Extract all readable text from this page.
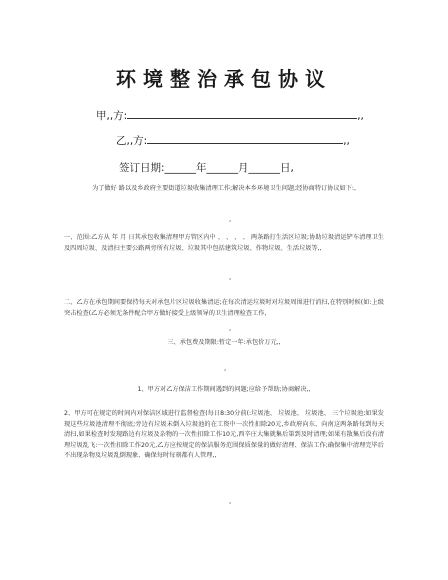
环境整治承包协议
甲,,方:	,,
乙,,方:	,,
签订日期:______年______月______日,
为了做好 路以及乡政府主要街道垃圾收集清理工作;解决本乡环境卫生问题;经协商特订协议如下:,
,
一、范围:乙方从 年 月 日其承包收集清理甲方管区内中 、 、 、 、 两条路打生活区垃圾;协助垃圾清运铲车清理卫生及四周垃圾、及清扫主要公路两旁所有垃圾、垃圾其中包括建筑垃圾、作物垃圾、生活垃圾等,,
,
二、乙方在承包期间要保持每天对承包片区垃圾收集清运;在每次清运垃圾时对垃圾周围进行消扫,在特别时候(如:上级突击检查(乙方必须无条件配合甲方做好接受上级领导的卫生清理检查工作,
,
三、承包费及期限:暂定一年:承包价万元,,
,
1、甲方对乙方保洁工作期间遇到的问题;应给予帮助;协商解决,,
2、甲方可在规定的时间内对保洁区域进行监督检查(每日8:30分前(:垃圾池、 垃圾池、 垃圾池、 三个垃圾池;如果发现这些垃圾池清理不彻底;旁边有垃圾未倒入垃圾池的在工资中一次性扣除20元,乡政府向东、向南这两条路每到每天清扫,如果检查时发现路边有垃圾及杂物的一次性扣除工作10元,西辛庄大集就集后第到及时清理;如果有散集后没有清理垃圾乱飞:一次性扣除工作20元,乙方应按规定的保洁服务范围保质保量的做好清理、保洁工作;确保集中清理完毕后不出现杂物及垃圾乱倒现象、确保每时每刻都有人管理,,
,
